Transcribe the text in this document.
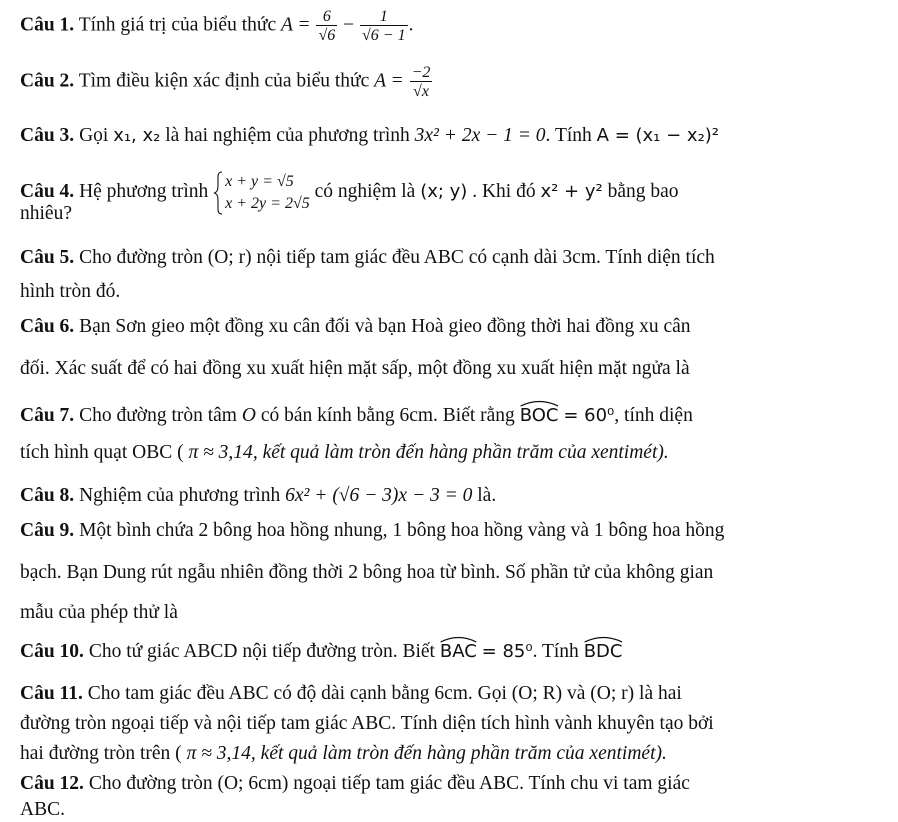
Câu 1. Tính giá trị của biểu thức $A = \frac{6}{√6} - \frac{1}{√6 - 1}$ .
Câu 2. Tìm điều kiện xác định của biểu thức $A = \frac{-2}{√x}$
Câu 3. Gọi x₁, x₂ là hai nghiệm của phương trình 3x² + 2x − 1 = 0. Tính A = (x₁ − x₂)²
Câu 4. Hệ phương trình x + y = √5
x + 2y = 2√5
có nghiệm là (x; y) . Khi đó x² + y² bằng bao
nhiêu?
Câu 5. Cho đường tròn (O; r) nội tiếp tam giác đều ABC có cạnh dài 3cm. Tính diện tích
hình tròn đó.
Câu 6. Bạn Sơn gieo một đồng xu cân đối và bạn Hoà gieo đồng thời hai đồng xu cân
đối. Xác suất để có hai đồng xu xuất hiện mặt sấp, một đồng xu xuất hiện mặt ngửa là
Câu 7. Cho đường tròn tâm O có bán kính bằng 6cm. Biết rằng BOC = 60⁰, tính diện
tích hình quạt OBC ( π ≈ 3,14, kết quả làm tròn đến hàng phần trăm của xentimét).
Câu 8. Nghiệm của phương trình 6x² + (√6 − 3)x − 3 = 0 là.
Câu 9. Một bình chứa 2 bông hoa hồng nhung, 1 bông hoa hồng vàng và 1 bông hoa hồng
bạch. Bạn Dung rút ngẫu nhiên đồng thời 2 bông hoa từ bình. Số phần tử của không gian
mẫu của phép thử là
Câu 10. Cho tứ giác ABCD nội tiếp đường tròn. Biết BAC = 85⁰. Tính BDC
Câu 11. Cho tam giác đều ABC có độ dài cạnh bằng 6cm. Gọi (O; R) và (O; r) là hai
đường tròn ngoại tiếp và nội tiếp tam giác ABC. Tính diện tích hình vành khuyên tạo bởi
hai đường tròn trên ( π ≈ 3,14, kết quả làm tròn đến hàng phần trăm của xentimét).
Câu 12. Cho đường tròn (O; 6cm) ngoại tiếp tam giác đều ABC. Tính chu vi tam giác
ABC.
